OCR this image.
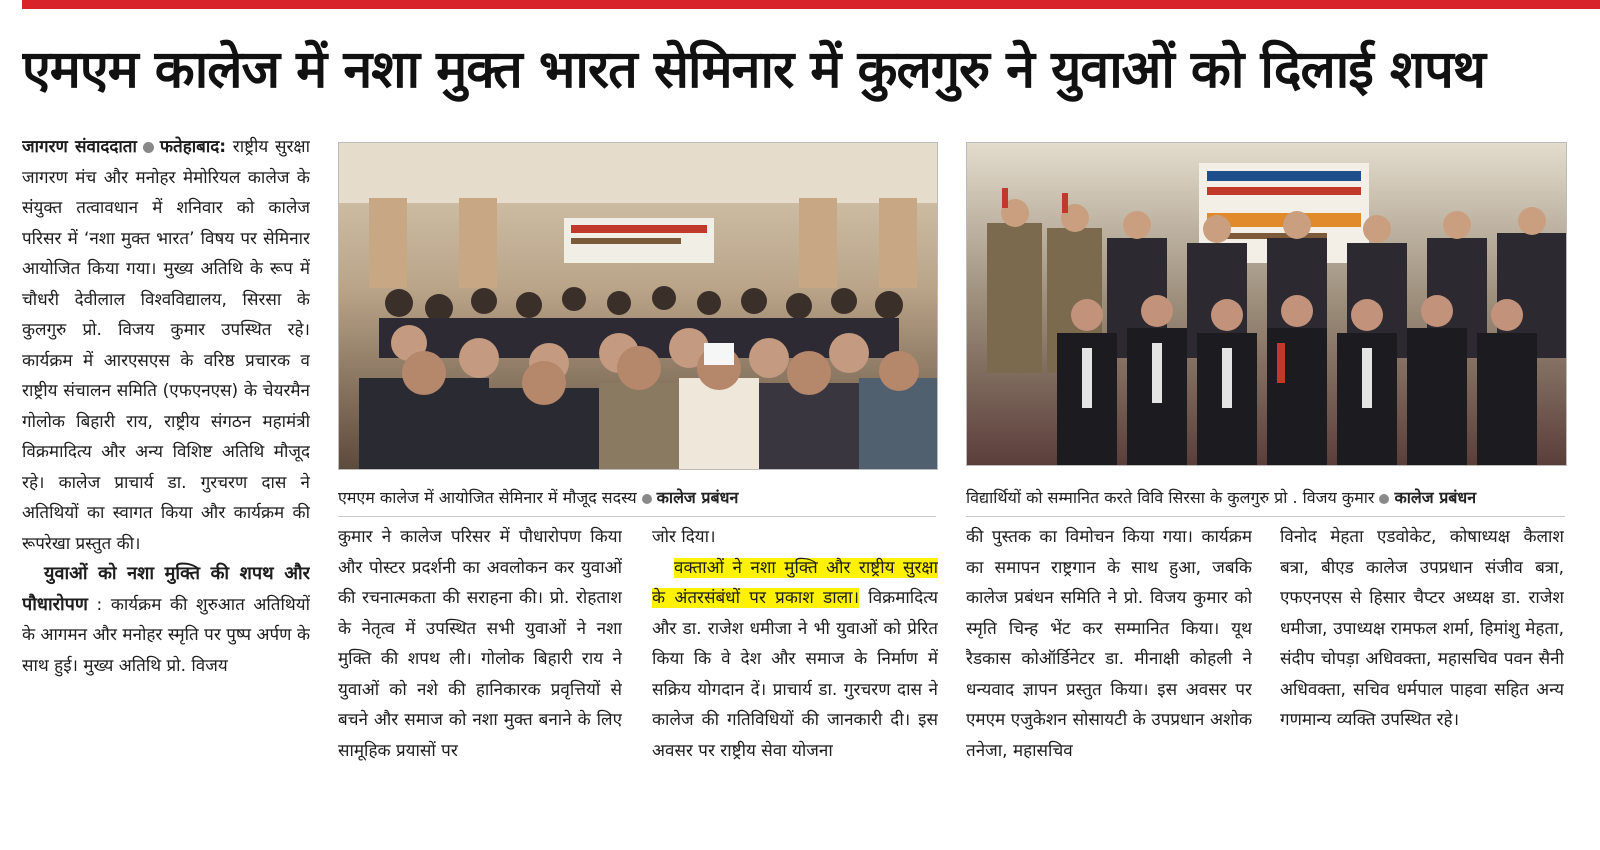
एमएम कालेज में नशा मुक्त भारत सेमिनार में कुलगुरु ने युवाओं को दिलाई शपथ

जागरण संवाददाता फतेहाबाद: राष्ट्रीय सुरक्षा जागरण मंच और मनोहर मेमोरियल कालेज के संयुक्त तत्वावधान में शनिवार को कालेज परिसर में ‘नशा मुक्त भारत’ विषय पर सेमिनार आयोजित किया गया। मुख्य अतिथि के रूप में चौधरी देवीलाल विश्वविद्यालय, सिरसा के कुलगुरु प्रो. विजय कुमार उपस्थित रहे। कार्यक्रम में आरएसएस के वरिष्ठ प्रचारक व राष्ट्रीय संचालन समिति (एफएनएस) के चेयरमैन गोलोक बिहारी राय, राष्ट्रीय संगठन महामंत्री विक्रमादित्य और अन्य विशिष्ट अतिथि मौजूद रहे। कालेज प्राचार्य डा. गुरचरण दास ने अतिथियों का स्वागत किया और कार्यक्रम की रूपरेखा प्रस्तुत की।

युवाओं को नशा मुक्ति की शपथ और पौधारोपण : कार्यक्रम की शुरुआत अतिथियों के आगमन और मनोहर स्मृति पर पुष्प अर्पण के साथ हुई। मुख्य अतिथि प्रो. विजय

एमएम कालेज में आयोजित सेमिनार में मौजूद सदस्य कालेज प्रबंधन	विद्यार्थियों को सम्मानित करते विवि सिरसा के कुलगुरु प्रो . विजय कुमार कालेज प्रबंधन

कुमार ने कालेज परिसर में पौधारोपण किया और पोस्टर प्रदर्शनी का अवलोकन कर युवाओं की रचनात्मकता की सराहना की। प्रो. रोहताश के नेतृत्व में उपस्थित सभी युवाओं ने नशा मुक्ति की शपथ ली। गोलोक बिहारी राय ने युवाओं को नशे की हानिकारक प्रवृत्तियों से बचने और समाज को नशा मुक्त बनाने के लिए सामूहिक प्रयासों पर

जोर दिया।

वक्ताओं ने नशा मुक्ति और राष्ट्रीय सुरक्षा के अंतरसंबंधों पर प्रकाश डाला। विक्रमादित्य और डा. राजेश धमीजा ने भी युवाओं को प्रेरित किया कि वे देश और समाज के निर्माण में सक्रिय योगदान दें। प्राचार्य डा. गुरचरण दास ने कालेज की गतिविधियों की जानकारी दी। इस अवसर पर राष्ट्रीय सेवा योजना

की पुस्तक का विमोचन किया गया। कार्यक्रम का समापन राष्ट्रगान के साथ हुआ, जबकि कालेज प्रबंधन समिति ने प्रो. विजय कुमार को स्मृति चिन्ह भेंट कर सम्मानित किया। यूथ रैडकास कोऑर्डिनेटर डा. मीनाक्षी कोहली ने धन्यवाद ज्ञापन प्रस्तुत किया। इस अवसर पर एमएम एजुकेशन सोसायटी के उपप्रधान अशोक तनेजा, महासचिव

विनोद मेहता एडवोकेट, कोषाध्यक्ष कैलाश बत्रा, बीएड कालेज उपप्रधान संजीव बत्रा, एफएनएस से हिसार चैप्टर अध्यक्ष डा. राजेश धमीजा, उपाध्यक्ष रामफल शर्मा, हिमांशु मेहता, संदीप चोपड़ा अधिवक्ता, महासचिव पवन सैनी अधिवक्ता, सचिव धर्मपाल पाहवा सहित अन्य गणमान्य व्यक्ति उपस्थित रहे।
